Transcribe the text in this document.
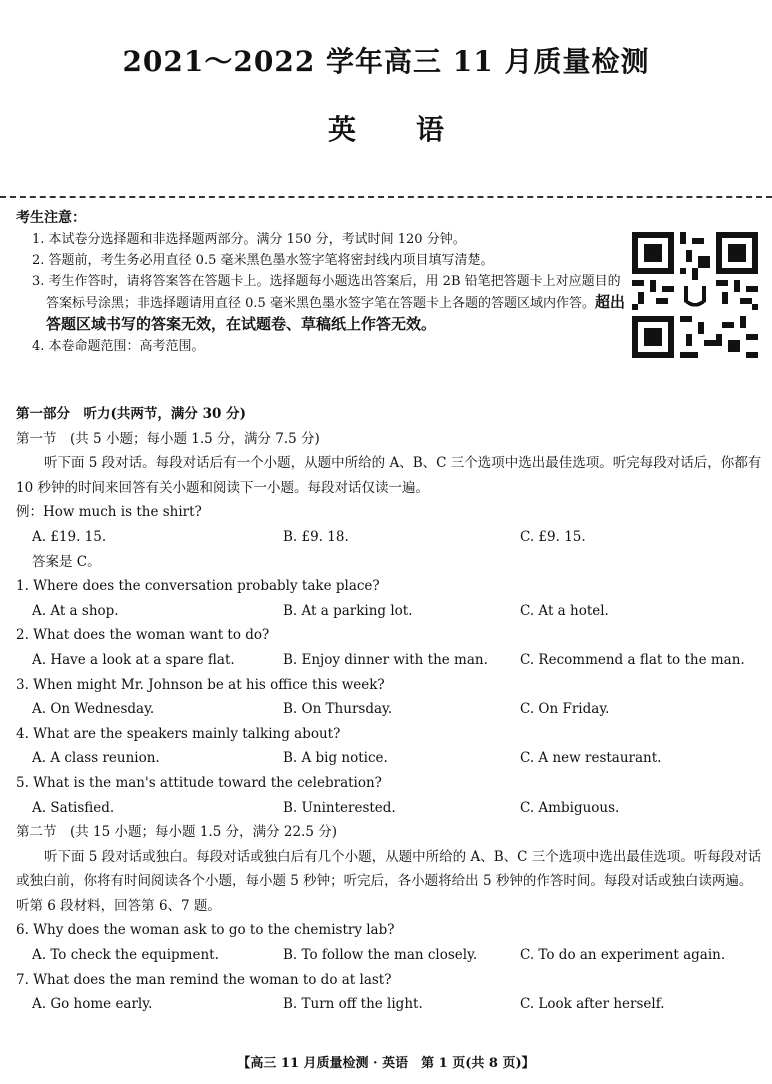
2021～2022 学年高三 11 月质量检测
英语
考生注意：
1. 本试卷分选择题和非选择题两部分。满分 150 分，考试时间 120 分钟。
2. 答题前，考生务必用直径 0.5 毫米黑色墨水签字笔将密封线内项目填写清楚。
3. 考生作答时，请将答案答在答题卡上。选择题每小题选出答案后，用 2B 铅笔把答题卡上对应题目的答案标号涂黑；非选择题请用直径 0.5 毫米黑色墨水签字笔在答题卡上各题的答题区域内作答。超出答题区域书写的答案无效，在试题卷、草稿纸上作答无效。
4. 本卷命题范围：高考范围。
第一部分　听力(共两节，满分 30 分)
第一节　(共 5 小题；每小题 1.5 分，满分 7.5 分)
听下面 5 段对话。每段对话后有一个小题，从题中所给的 A、B、C 三个选项中选出最佳选项。听完每段对话后，你都有 10 秒钟的时间来回答有关小题和阅读下一小题。每段对话仅读一遍。
例：How much is the shirt?
A. £19. 15.	B. £9. 18.	C. £9. 15.
答案是 C。
1. Where does the conversation probably take place?
A. At a shop.	B. At a parking lot.	C. At a hotel.
2. What does the woman want to do?
A. Have a look at a spare flat.	B. Enjoy dinner with the man.	C. Recommend a flat to the man.
3. When might Mr. Johnson be at his office this week?
A. On Wednesday.	B. On Thursday.	C. On Friday.
4. What are the speakers mainly talking about?
A. A class reunion.	B. A big notice.	C. A new restaurant.
5. What is the man's attitude toward the celebration?
A. Satisfied.	B. Uninterested.	C. Ambiguous.
第二节　(共 15 小题；每小题 1.5 分，满分 22.5 分)
听下面 5 段对话或独白。每段对话或独白后有几个小题，从题中所给的 A、B、C 三个选项中选出最佳选项。听每段对话或独白前，你将有时间阅读各个小题，每小题 5 秒钟；听完后，各小题将给出 5 秒钟的作答时间。每段对话或独白读两遍。
听第 6 段材料，回答第 6、7 题。
6. Why does the woman ask to go to the chemistry lab?
A. To check the equipment.	B. To follow the man closely.	C. To do an experiment again.
7. What does the man remind the woman to do at last?
A. Go home early.	B. Turn off the light.	C. Look after herself.
【高三 11 月质量检测 · 英语　第 1 页(共 8 页)】
